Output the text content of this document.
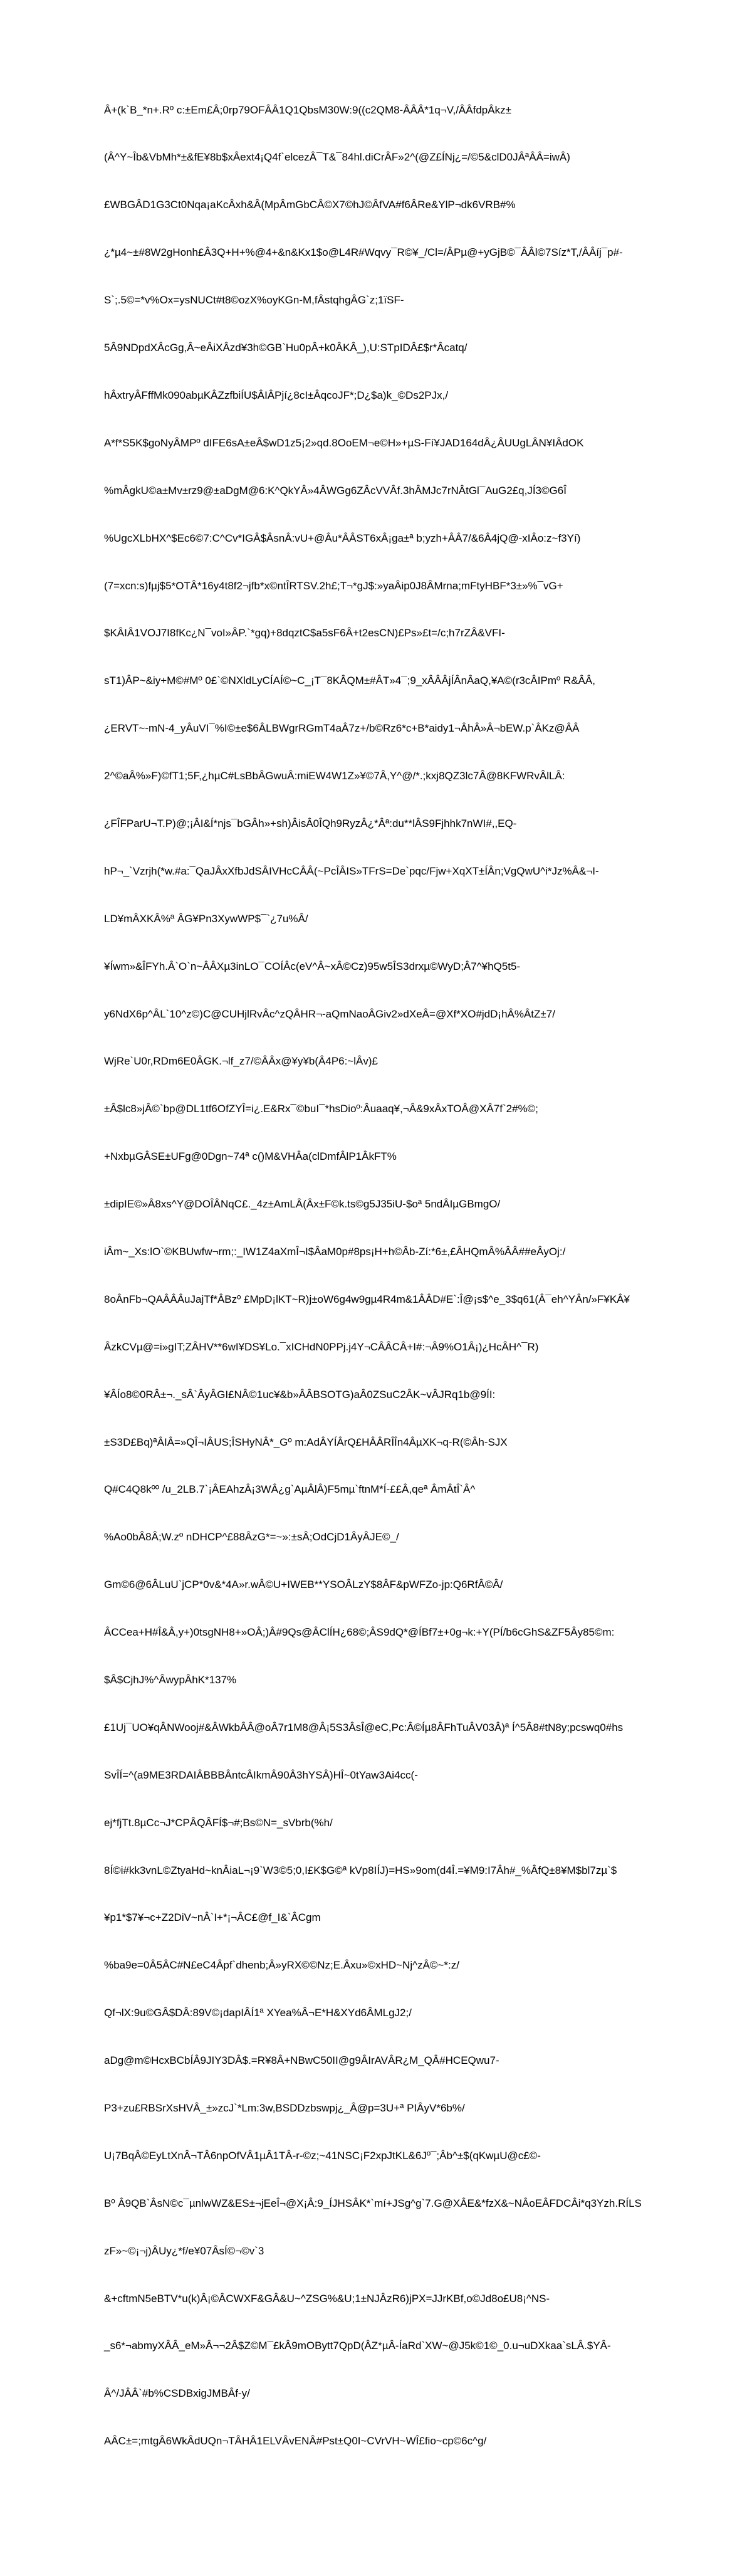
Â+(k`B_*n+.Rº c:±Em£Â;0rp79OFÂÂ1Q1QbsM30W:9((c2QM8-ÂÂÂ*1q¬V,/ÂÂfdpÂkz±

(Â^Y~Îb&VbMh*±&fE¥8b$xÂext4¡Q4f`elcezÂ¯T&¯84hl.diCrÂF»2^(@Z£ÍNj¿=/©5&clD0JÂªÂÂ=iwÂ)

£WBGÂD1G3Ct0Nqa¡aKcÂxh&Â(MpÂmGbCÂ©X7©hJ©ÂfVA#f6ÂRe&YlP¬dk6VRB#%

¿*µ4~±#8W2gHonh£Â3Q+H+%@4+&n&Kx1$o@L4R#Wqvy¯R©¥_/Cl=/ÂPµ@+yGjB©¯ÂÂl©7Síz*T,/ÂÂíj¯p#-

S`;.5©=*v%Ox=ysNUCt#t8©ozX%oyKGn-M,fÂstqhgÂG`z;1ïSF-

5Â9NDpdXÂcGg,Â~eÂiXÂzd¥3h©GB`Hu0pÂ+k0ÂKÂ_),U:STpIDÂ£$r*Âcatq/

hÂxtryÂFffMk090abµKÂZzfbiÍU$ÂIÂPjí¿8cI±ÂqcoJF*;D¿$a)k_©Ds2PJx,/

A*f*S5K$goNyÂMPº dIFE6sA±eÂ$wD1z5¡2»qd.8OoEM¬e©H»+µS-Fí¥JAD164dÂ¿ÂUUgLÂN¥IÂdOK

%mÂgkU©a±Mv±rz9@±aDgM@6:K^QkYÂ»4ÂWGg6ZÂcVVÂf.3hÂMJc7rNÂtGl¯AuG2£q,JÍ3©G6Î

%UgcXLbHX^$Ec6©7:C^Cv*IGÂ$ÂsnÂ:vU+@Âu*ÂÂST6xÂ¡ga±ª b;yzh+ÂÂ7/&6Â4jQ@-xIÂo:z~f3Yí)

(7=xcn:s)fµj$5*OTÂ*16y4t8f2¬jfb*x©ntÎRTSV.2h£;T¬*gJ$:»yaÂip0J8ÂMrna;mFtyHBF*3±»%¯vG+

$KÂIÂ1VOJ7I8fKc¿N¯voI»ÂP.`*gq)+8dqztC$a5sF6Â+t2esCN)£Ps»£t=/c;h7rZÂ&VFI-

sT1)ÂP~&iy+M©#Mº 0£`©NXldLyCÍAÍ©~C_¡T¯8KÂQM±#ÂT»4¯;9_xÂÂÂjÍÂnÂaQ,¥A©(r3cÂIPmº R&ÂÂ,

¿ERVT~-mN-4_yÂuVI¯%I©±e$6ÂLBWgrRGmT4aÂ7z+/b©Rz6*c+B*aidy1¬ÂhÂ»Â¬bEW.p`ÂKz@ÂÂ

2^©aÂ%»F)©fT1;5F,¿hµC#LsBbÂGwuÂ:miEW4W1Z»¥©7Â,Y^@/*.;kxj8QZ3lc7Â@8KFWRvÂlLÂ:

¿FÎFParU¬T.P)@;¡ÂI&Í*njs¯bGÂh»+sh)ÂisÂ0ÎQh9RyzÂ¿*Âª:du**lÂS9Fjhhk7nWI#,,EQ-

hP¬_`Vzrjh(*w.#a:¯QaJÂxXfbJdSÂIVHcCÂÂ(~PcÎÂIS»TFrS=De`pqc/Fjw+XqXT±ÍÂn;VgQwU^i*Jz%Â&¬I-

LD¥mÂXKÂ%ª ÂG¥Pn3XywWP$¯`¿7u%Â/

¥Íwm»&ÎFYh.Â`O`n~ÂÂXµ3inLO¯COÍÂc(eV^Â~xÂ©Cz)95w5ÎS3drxµ©WyD;Â7^¥hQ5t5-

y6NdX6p^ÂL`10^z©)C@CUHjlRvÂc^zQÂHR¬-aQmNaoÂGiv2»dXeÂ=@Xf*XO#jdD¡hÂ%ÂtZ±7/

WjRe`U0r,RDm6E0ÂGK.¬lf_z7/©ÂÂx@¥y¥b(Â4P6:~lÂv)£

±Â$lc8»jÂ©`bp@DL1tf6OfZYÎ=i¿.E&Rx¯©buI¯*hsDioº:Âuaaq¥,¬Â&9xÂxTOÂ@XÂ7f`2#%©;

+NxbµGÂSE±UFg@0Dgn~74ª c()M&VHÂa(clDmfÂlP1ÂkFT%

±dipIE©»Â8xs^Y@DOÎÂNqC£._4z±AmLÂ(Âx±F©k.ts©g5J35iU-$oª 5ndÂIµGBmgO/

iÂm~_Xs:lO`©KBUwfw¬rm;:_IW1Z4aXmÎ¬I$ÂaM0p#8ps¡H+h©Âb-Zí:*6±,£ÂHQmÂ%ÂÂ##eÂyOj:/

8oÂnFb¬QAÂÂÂuJajTf*ÂBzº £MpD¡lKT~R)j±oW6g4w9gµ4R4m&1ÂÂD#E`:Î@¡s$^e_3$q61(Â¯eh^YÂn/»F¥KÂ¥

ÂzkCVµ@=i»gIT;ZÂHV**6wI¥DS¥Lo.¯xICHdN0PPj.j4Y¬CÂÂCÂ+I#:¬Â9%O1Â¡)¿HcÂH^¯R)

¥ÂÍo8©0RÂ±¬._sÂ`ÂyÂGI£NÂ©1uc¥&b»ÂÂBSOTG)aÂ0ZSuC2ÂK~vÂJRq1b@9ÍI:

±S3D£Bq)ªÂIÂ=»QÎ¬IÂUS;ÎSHyNÂ*_Gº m:AdÂYÍÂrQ£HÂÂRÎÎn4ÂµXK¬q-R(©Âh-SJX

Q#C4Q8kºº /u_2LB.7`¡ÂEAhzÂ¡3WÂ¿g`AµÂlÂ)F5mµ`ftnM*Í-££Â,qeª ÂmÂtÎ`Â^

%Ao0bÂ8Â;W.zº nDHCP^£88ÂzG*=~»:±sÂ;OdCjD1ÂyÂJE©_/

Gm©6@6ÂLuU`jCP*0v&*4A»r.wÂ©U+IWEB**YSOÂLzY$8ÂF&pWFZo-jp:Q6RfÂ©Â/

ÂCCea+H#Î&Â,y+)0tsgNH8+»OÂ;)Â#9Qs@ÂClÍH¿68©;ÂS9dQ*@ÍBf7±+0g¬k:+Y(PÍ/b6cGhS&ZF5Ây85©m:

$Â$CjhJ%^ÂwypÂhK*137%

£1Uj¯UO¥qÂNWooj#&ÂWkbÂÂ@oÂ7r1M8@Â¡5S3ÂsÎ@eC,Pc:Â©Íµ8ÂFhTuÂV03Â)ª Í^5Â8#tN8y;pcswq0#hs

SvÎÍ=^(a9ME3RDAIÂBBBÂntcÂIkmÂ90Â3hYSÂ)HÎ~0tYaw3Ai4cc(-

ej*fjTt.8µCc¬J*CPÂQÂFÍ$¬#;Bs©N=_sVbrb(%h/

8Í©i#kk3vnL©ZtyaHd~knÂiaL¬¡9`W3©5;0,I£K$G©ª kVp8IÍJ)=HS»9om(d4Î.=¥M9:I7Âh#_%ÂfQ±8¥M$bl7zµ`$

¥p1*$7¥¬c+Z2DiV~nÂ`I+*¡¬ÂC£@f_I&`ÂCgm

%ba9e=0Â5ÂC#N£eC4Âpf`dhenb;Â»yRX©©Nz;E.Âxu»©xHD~Nj^zÂ©~*:z/

Qf¬lX:9u©GÂ$DÂ:89V©¡dapIÂÍ1ª XYea%Â¬E*H&XYd6ÂMLgJ2;/

aDg@m©HcxBCbÍÂ9JIY3DÂ$.=R¥8Â+NBwC50II@g9ÂIrAVÂR¿M_QÂ#HCEQwu7-

P3+zu£RBSrXsHVÂ_±»zcJ`*Lm:3w,BSDDzbswpj¿_Â@p=3U+ª PIÂyV*6b%/

U¡7BqÂ©EyLtXnÂ¬TÂ6npOfVÂ1µÂ1TÂ-r-©z;~41NSC¡F2xpJtKL&6Jº¯;Âb^±$(qKwµU@c£©-

Bº Â9QB`ÂsN©c¯µnlwWZ&ES±¬jEeÎ¬@X¡Â:9_ÍJHSÂK*`mí+JSg^g`7.G@XÂE&*fzX&~NÂoEÂFDCÂi*q3Yzh.RÍLS

zF»~©¡¬j)ÂUy¿*f/e¥07ÂsÍ©¬©v`3

&+cftmN5eBTV*u(k)Â¡©ÂCWXF&GÂ&U~^ZSG%&U;1±NJÂzR6)jPX=JJrKBf,o©Jd8o£U8¡^NS-

_s6*¬abmyXÂÂ_eM»Â¬¬2Â$Z©M¯£kÂ9mOBytt7QpD(ÂZ*µÂ-ÍaRd`XW~@J5k©1©_0.u¬uDXkaa`sLÂ.$YÂ-

Â^/JÂÂ`#b%CSDBxigJMBÂf-y/

AÂC±=;mtgÂ6WkÂdUQn¬TÂHÂ1ELVÂvENÂ#Pst±Q0I~CVrVH~WÎ£fio~cp©6c^g/
